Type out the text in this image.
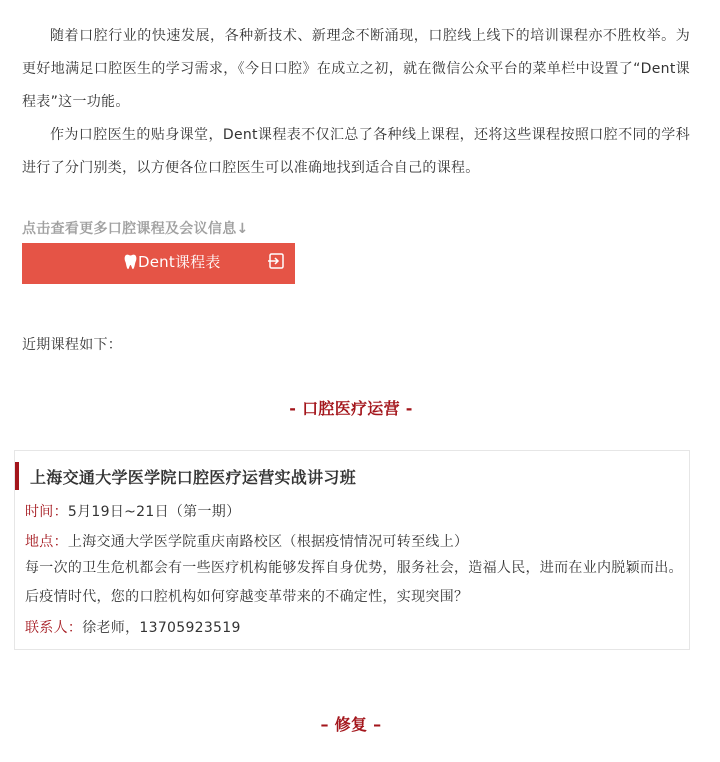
随着口腔行业的快速发展，各种新技术、新理念不断涌现，口腔线上线下的培训课程亦不胜枚举。为更好地满足口腔医生的学习需求，《今日口腔》在成立之初，就在微信公众平台的菜单栏中设置了“Dent课程表”这一功能。

作为口腔医生的贴身课堂，Dent课程表不仅汇总了各种线上课程，还将这些课程按照口腔不同的学科进行了分门别类，以方便各位口腔医生可以准确地找到适合自己的课程。

点击查看更多口腔课程及会议信息↓
Dent课程表
近期课程如下：
- 口腔医疗运营 -
上海交通大学医学院口腔医疗运营实战讲习班
时间：5月19日~21日（第一期）
地点：上海交通大学医学院重庆南路校区（根据疫情情况可转至线上）
每一次的卫生危机都会有一些医疗机构能够发挥自身优势，服务社会，造福人民，进而在业内脱颖而出。后疫情时代，您的口腔机构如何穿越变革带来的不确定性，实现突围？
联系人：徐老师，13705923519
– 修复 –
